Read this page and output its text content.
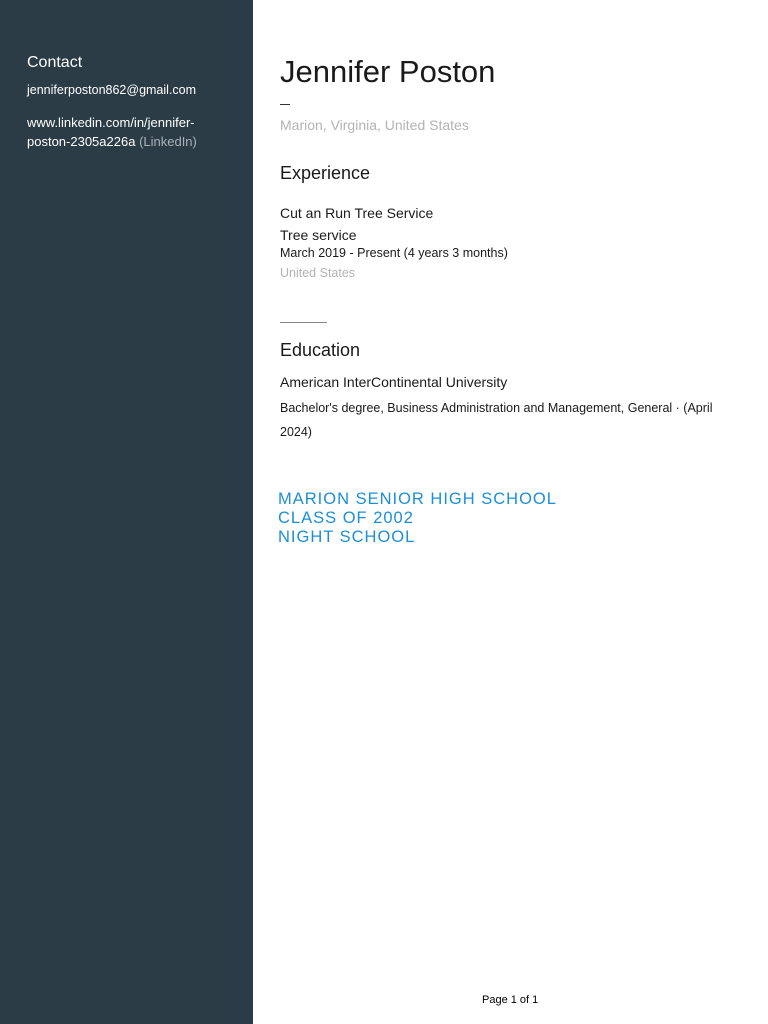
Contact
jenniferposton862@gmail.com
www.linkedin.com/in/jennifer-poston-2305a226a (LinkedIn)
Jennifer Poston

Marion, Virginia, United States

Experience

Cut an Run Tree Service

Tree service

March 2019 - Present (4 years 3 months)

United States

Education

American InterContinental University

Bachelor's degree, Business Administration and Management, General · (April 2024)

MARION SENIOR HIGH SCHOOL
CLASS OF 2002
NIGHT SCHOOL

Page 1 of 1
